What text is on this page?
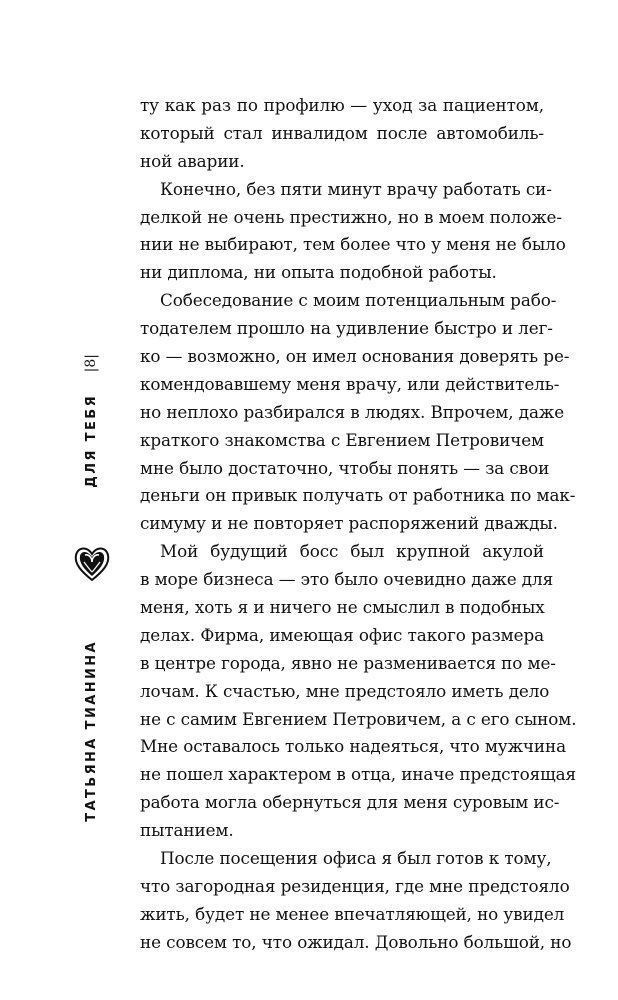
|8|
ДЛЯ ТЕБЯ
ТАТЬЯНА ТИАНИНА
ту как раз по профилю — уход за пациентом,
который стал инвалидом после автомобиль-
ной аварии.
Конечно, без пяти минут врачу работать си-
делкой не очень престижно, но в моем положе-
нии не выбирают, тем более что у меня не было
ни диплома, ни опыта подобной работы.
Собеседование с моим потенциальным рабо-
тодателем прошло на удивление быстро и лег-
ко — возможно, он имел основания доверять ре-
комендовавшему меня врачу, или действитель-
но неплохо разбирался в людях. Впрочем, даже
краткого знакомства с Евгением Петровичем
мне было достаточно, чтобы понять — за свои
деньги он привык получать от работника по мак-
симуму и не повторяет распоряжений дважды.
Мой будущий босс был крупной акулой
в море бизнеса — это было очевидно даже для
меня, хоть я и ничего не смыслил в подобных
делах. Фирма, имеющая офис такого размера
в центре города, явно не разменивается по ме-
лочам. К счастью, мне предстояло иметь дело
не с самим Евгением Петровичем, а с его сыном.
Мне оставалось только надеяться, что мужчина
не пошел характером в отца, иначе предстоящая
работа могла обернуться для меня суровым ис-
пытанием.
После посещения офиса я был готов к тому,
что загородная резиденция, где мне предстояло
жить, будет не менее впечатляющей, но увидел
не совсем то, что ожидал. Довольно большой, но
